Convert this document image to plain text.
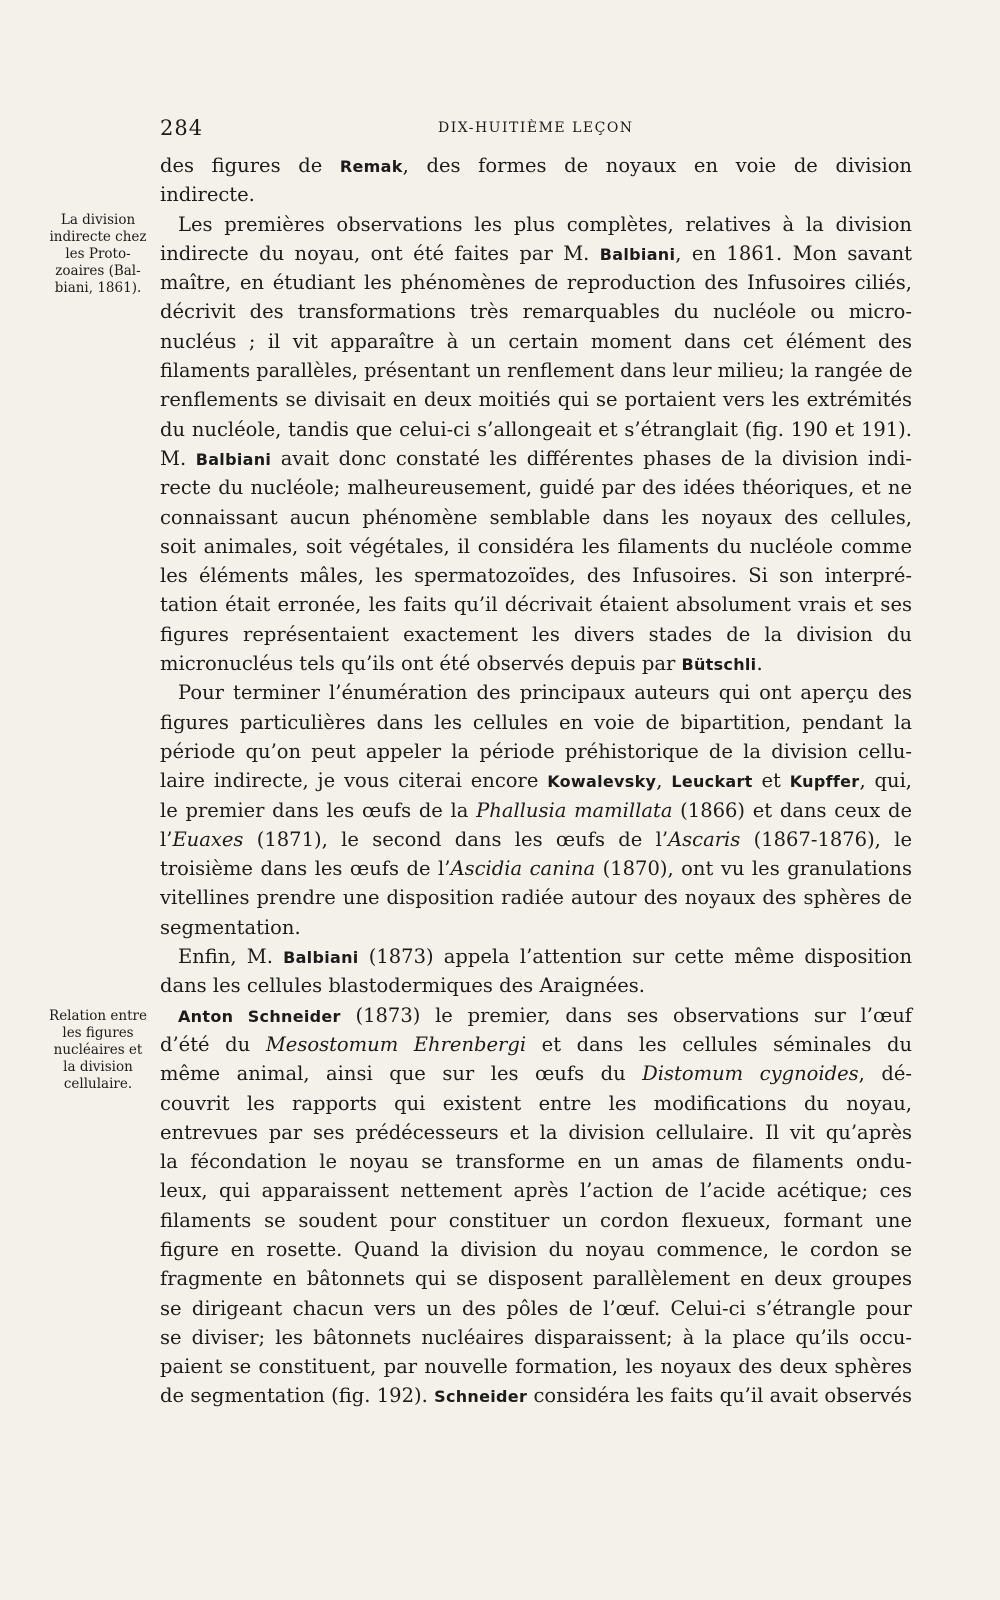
284	DIX-HUITIÈME LEÇON
La division
indirecte chez
les Proto-
zoaires (Bal-
biani, 1861).
Relation entre
les figures
nucléaires et
la division
cellulaire.
des figures de Remak, des formes de noyaux en voie de division
indirecte.
Les premières observations les plus complètes, relatives à la division
indirecte du noyau, ont été faites par M. Balbiani, en 1861. Mon savant
maître, en étudiant les phénomènes de reproduction des Infusoires ciliés,
décrivit des transformations très remarquables du nucléole ou micro-
nucléus ; il vit apparaître à un certain moment dans cet élément des
filaments parallèles, présentant un renflement dans leur milieu; la rangée de
renflements se divisait en deux moitiés qui se portaient vers les extrémités
du nucléole, tandis que celui-ci s’allongeait et s’étranglait (fig. 190 et 191).
M. Balbiani avait donc constaté les différentes phases de la division indi-
recte du nucléole; malheureusement, guidé par des idées théoriques, et ne
connaissant aucun phénomène semblable dans les noyaux des cellules,
soit animales, soit végétales, il considéra les filaments du nucléole comme
les éléments mâles, les spermatozoïdes, des Infusoires. Si son interpré-
tation était erronée, les faits qu’il décrivait étaient absolument vrais et ses
figures représentaient exactement les divers stades de la division du
micronucléus tels qu’ils ont été observés depuis par Bütschli.
Pour terminer l’énumération des principaux auteurs qui ont aperçu des
figures particulières dans les cellules en voie de bipartition, pendant la
période qu’on peut appeler la période préhistorique de la division cellu-
laire indirecte, je vous citerai encore Kowalevsky, Leuckart et Kupffer, qui,
le premier dans les œufs de la Phallusia mamillata (1866) et dans ceux de
l’Euaxes (1871), le second dans les œufs de l’Ascaris (1867-1876), le
troisième dans les œufs de l’Ascidia canina (1870), ont vu les granulations
vitellines prendre une disposition radiée autour des noyaux des sphères de
segmentation.
Enfin, M. Balbiani (1873) appela l’attention sur cette même disposition
dans les cellules blastodermiques des Araignées.
Anton Schneider (1873) le premier, dans ses observations sur l’œuf
d’été du Mesostomum Ehrenbergi et dans les cellules séminales du
même animal, ainsi que sur les œufs du Distomum cygnoides, dé-
couvrit les rapports qui existent entre les modifications du noyau,
entrevues par ses prédécesseurs et la division cellulaire. Il vit qu’après
la fécondation le noyau se transforme en un amas de filaments ondu-
leux, qui apparaissent nettement après l’action de l’acide acétique; ces
filaments se soudent pour constituer un cordon flexueux, formant une
figure en rosette. Quand la division du noyau commence, le cordon se
fragmente en bâtonnets qui se disposent parallèlement en deux groupes
se dirigeant chacun vers un des pôles de l’œuf. Celui-ci s’étrangle pour
se diviser; les bâtonnets nucléaires disparaissent; à la place qu’ils occu-
paient se constituent, par nouvelle formation, les noyaux des deux sphères
de segmentation (fig. 192). Schneider considéra les faits qu’il avait observés
